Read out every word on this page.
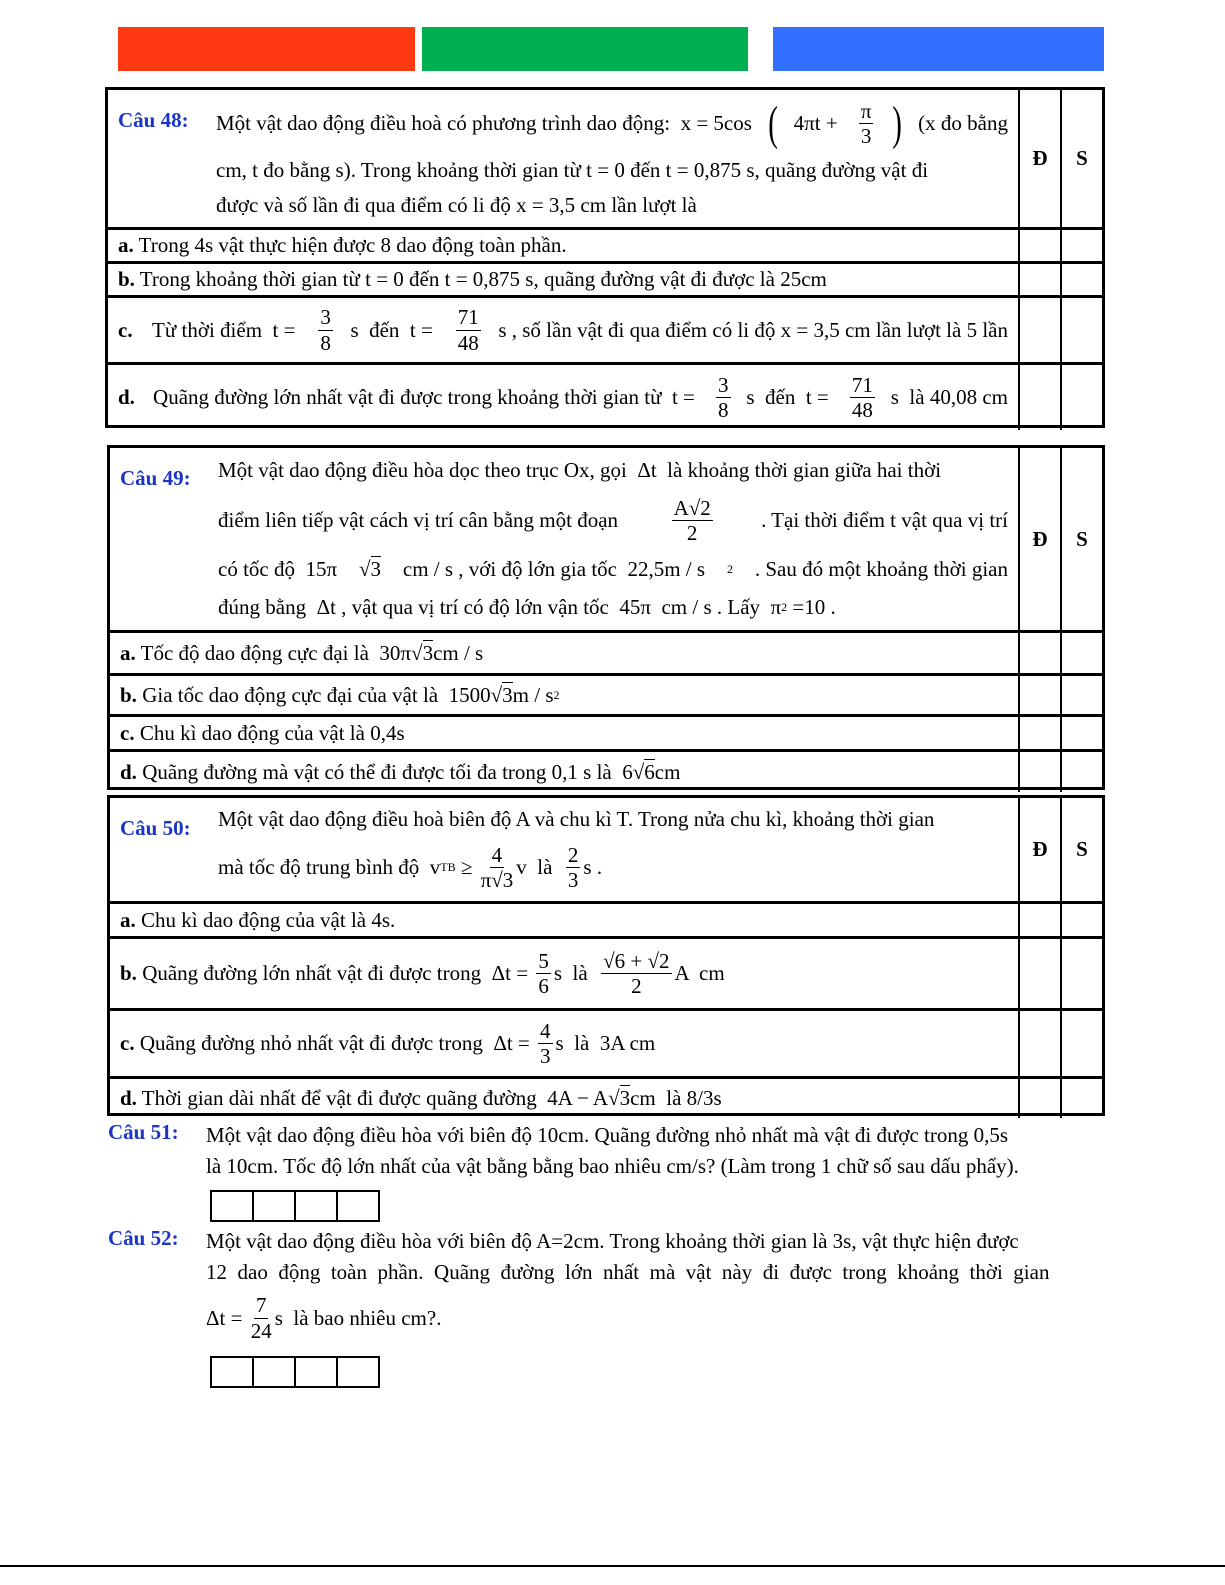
Câu 48:	Một vật dao động điều hoà có phương trình dao động:  x = 5cos ( $4\pi t + \frac{\pi}{3}$ ) (x đo bằng
cm, t đo bằng s). Trong khoảng thời gian từ t = 0 đến t = 0,875 s, quãng đường vật đi
được và số lần đi qua điểm có li độ x = 3,5 cm lần lượt là
Đ	S
a. Trong 4s vật thực hiện được 8 dao động toàn phần.
b. Trong khoảng thời gian từ t = 0 đến t = 0,875 s, quãng đường vật đi được là 25cm
c. Từ thời điểm  $t = \frac{3}{8}$ s  đến  $t = \frac{71}{48}$ s , số lần vật đi qua điểm có li độ x = 3,5 cm lần lượt là 5 lần
d. Quãng đường lớn nhất vật đi được trong khoảng thời gian từ  $t = \frac{3}{8}$ s  đến  $t = \frac{71}{48}$ s  là 40,08 cm
Câu 49:	Một vật dao động điều hòa dọc theo trục Ox, gọi  Δt  là khoảng thời gian giữa hai thời
điểm liên tiếp vật cách vị trí cân bằng một đoạn $\frac{A√2}{2}$ . Tại thời điểm t vật qua vị trí
có tốc độ  15π	√ 3 cm / s , với độ lớn gia tốc  22,5m / s 2 . Sau đó một khoảng thời gian
đúng bằng  Δt , vật qua vị trí có độ lớn vận tốc  45π  cm / s . Lấy  π 2 =10 .
Đ	S
a. Tốc độ dao động cực đại là  30π √ 3 cm / s
b. Gia tốc dao động cực đại của vật là  1500 √ 3 m / s 2
c. Chu kì dao động của vật là 0,4s
d. Quãng đường mà vật có thể đi được tối đa trong 0,1 s là  6 √ 6 cm
Câu 50:	Một vật dao động điều hoà biên độ A và chu kì T. Trong nửa chu kì, khoảng thời gian
mà tốc độ trung bình độ  v TB ≥ $\frac{4}{\pi√3}$ v  là $\frac{2}{3}$ s .
Đ	S
a. Chu kì dao động của vật là 4s.
b. Quãng đường lớn nhất vật đi được trong  $\Delta t = \frac{5}{6}$ s  là $\frac{√6 + √2}{2}$ A  cm
c. Quãng đường nhỏ nhất vật đi được trong  $\Delta t = \frac{4}{3}$ s  là  3A cm
d. Thời gian dài nhất để vật đi được quãng đường  4A − A √ 3 cm  là 8/3s
Câu 51:	Một vật dao động điều hòa với biên độ 10cm. Quãng đường nhỏ nhất mà vật đi được trong 0,5s
là 10cm. Tốc độ lớn nhất của vật bằng bằng bao nhiêu cm/s? (Làm trong 1 chữ số sau dấu phẩy).
Câu 52:	Một vật dao động điều hòa với biên độ A=2cm. Trong khoảng thời gian là 3s, vật thực hiện được
12  dao  động  toàn  phần.  Quãng  đường  lớn  nhất  mà  vật  này  đi  được  trong  khoảng  thời  gian
$\Delta t = \frac{7}{24}$ s  là bao nhiêu cm?.
